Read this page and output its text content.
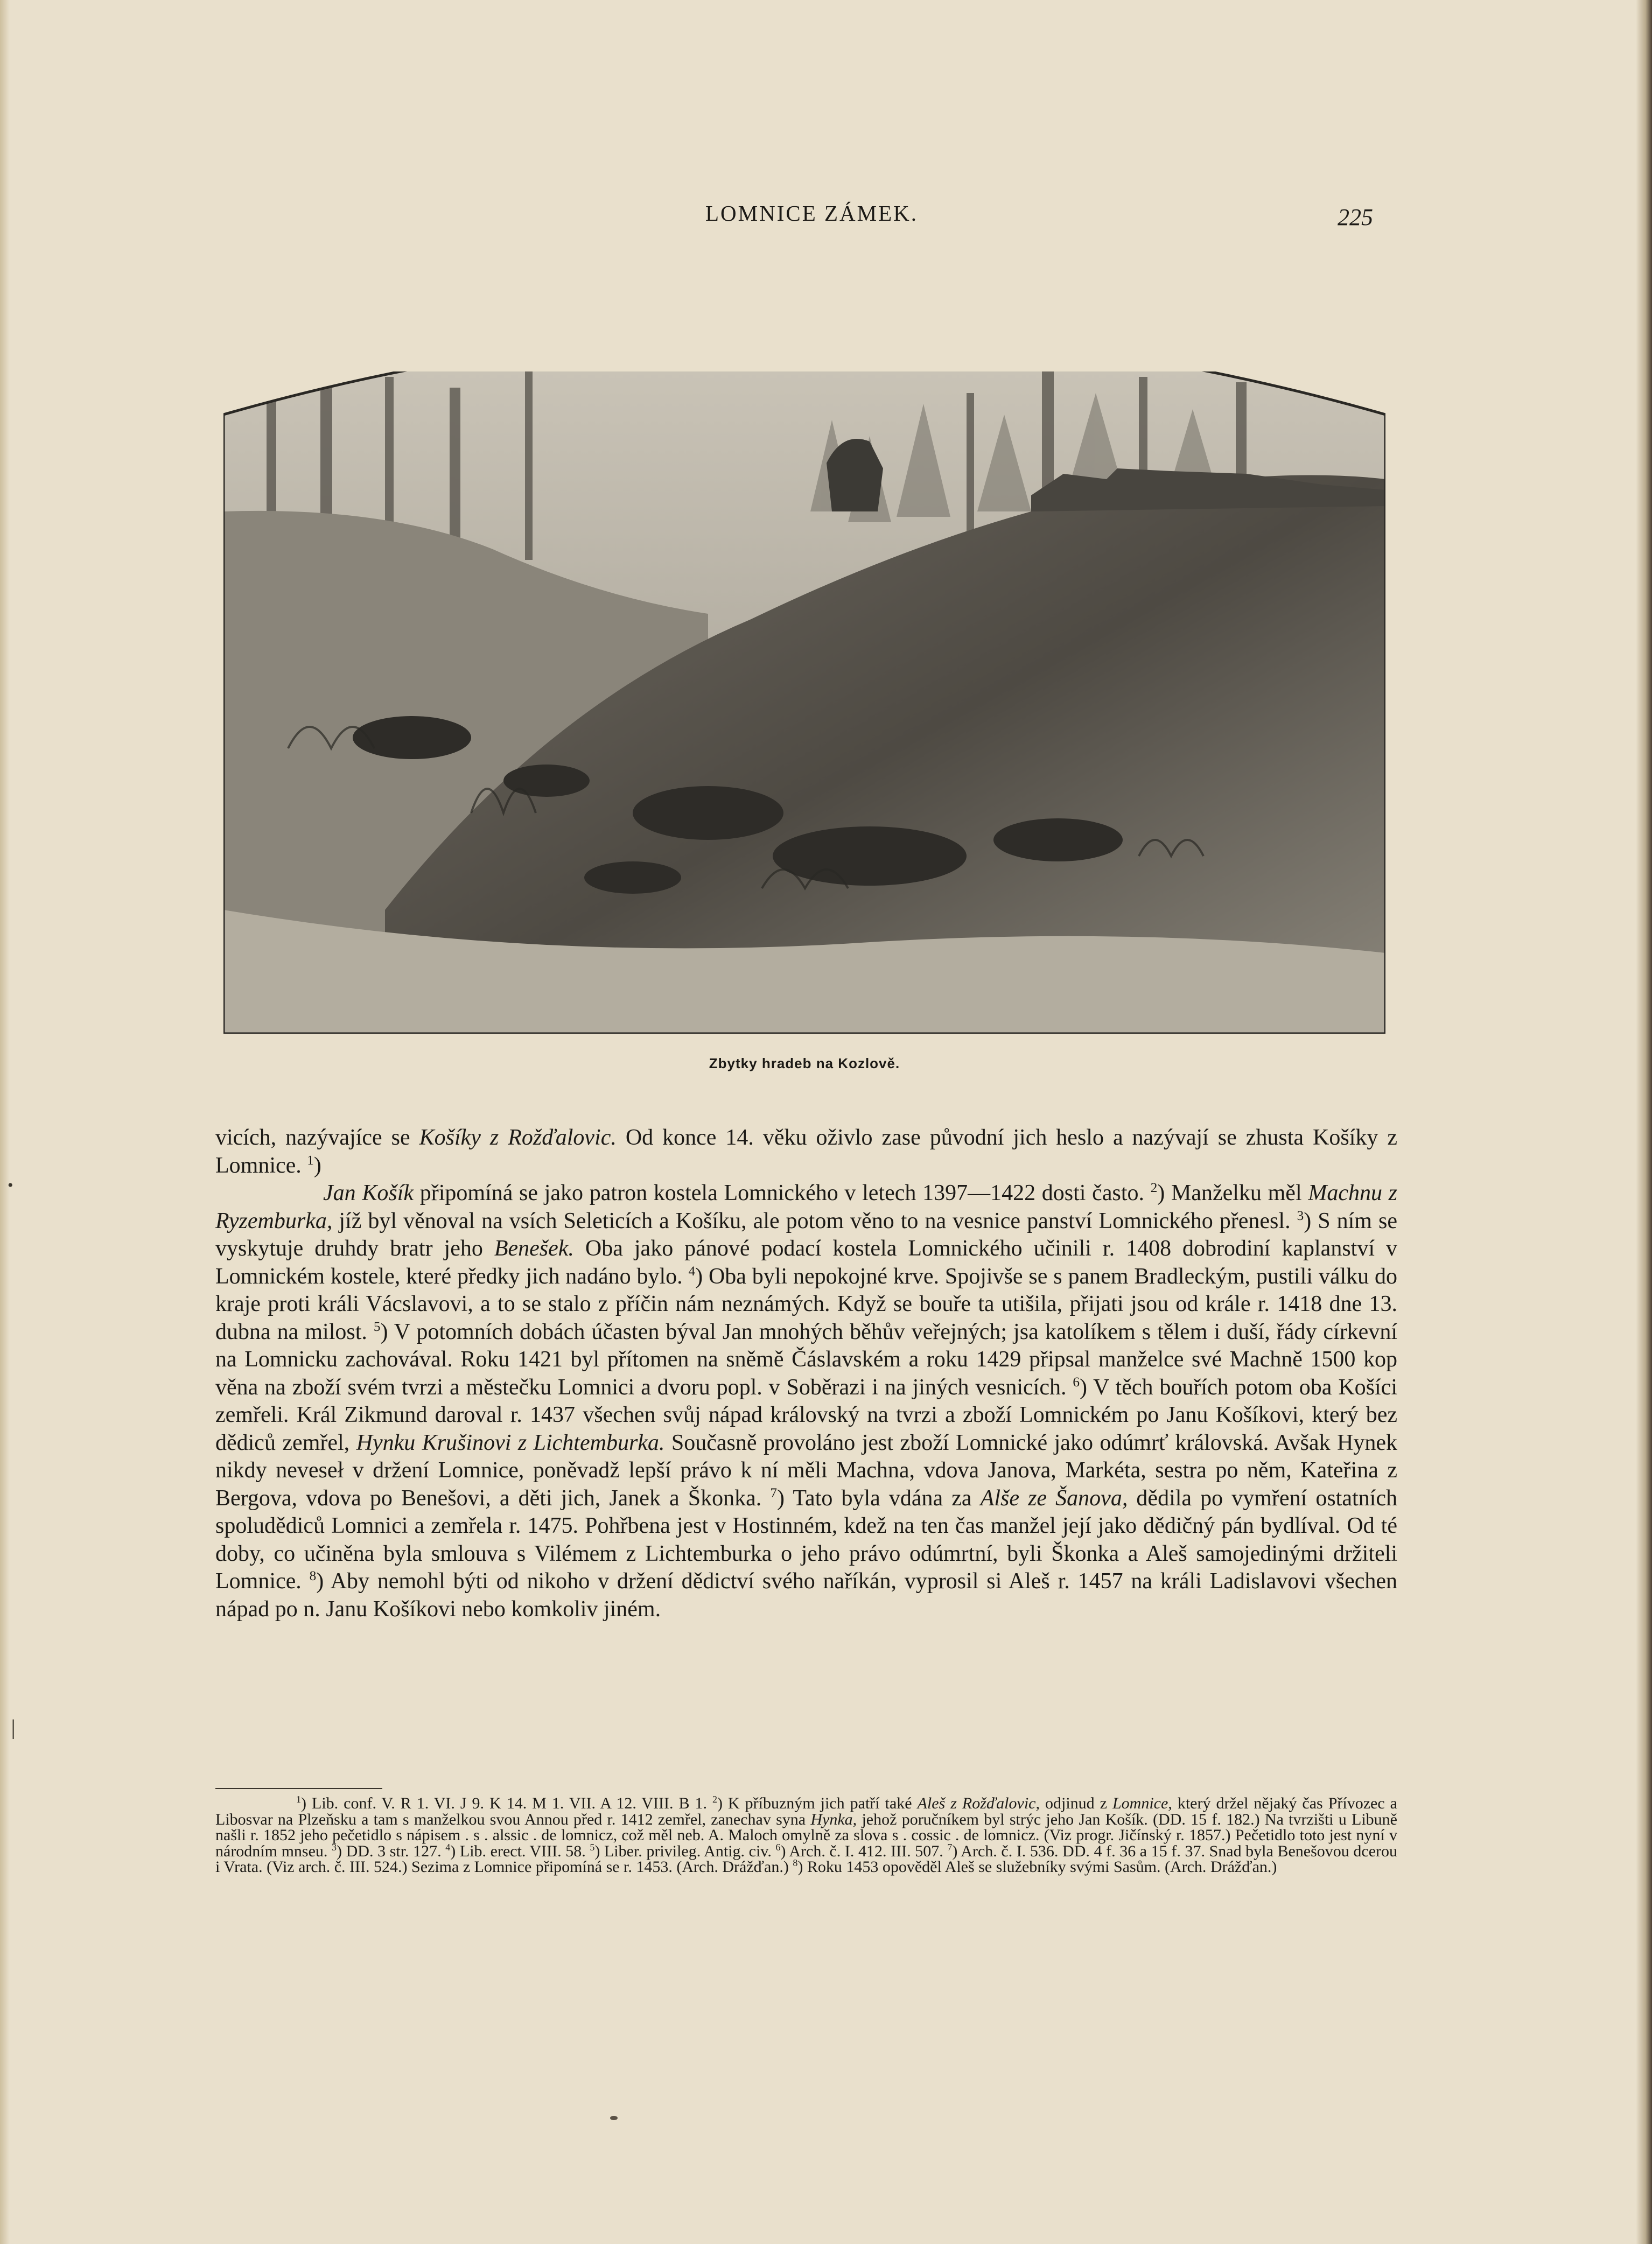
LOMNICE ZÁMEK.	225
Zbytky hradeb na Kozlově.

vicích, nazývajíce se Košíky z Rožďalovic. Od konce 14. věku oživlo zase původní jich heslo a nazývají se zhusta Košíky z Lomnice. $^1$)

Jan Košík připomíná se jako patron kostela Lomnického v letech 1397—1422 dosti často. $^2$) Manželku měl Machnu z Ryzemburka, jíž byl věnoval na vsích Seleticích a Košíku, ale potom věno to na vesnice panství Lomnického přenesl. $^3$) S ním se vyskytuje druhdy bratr jeho Benešek. Oba jako pánové podací kostela Lomnického učinili r. 1408 dobrodiní kaplanství v Lomnickém kostele, které předky jich nadáno bylo. $^4$) Oba byli nepokojné krve. Spojivše se s panem Bradleckým, pustili válku do kraje proti králi Vácslavovi, a to se stalo z příčin nám neznámých. Když se bouře ta utišila, přijati jsou od krále r. 1418 dne 13. dubna na milost. $^5$) V potomních dobách účasten býval Jan mnohých běhův veřejných; jsa katolíkem s tělem i duší, řády církevní na Lomnicku zachovával. Roku 1421 byl přítomen na sněmě Čáslavském a roku 1429 připsal manželce své Machně 1500 kop věna na zboží svém tvrzi a městečku Lomnici a dvoru popl. v Soběrazi i na jiných vesnicích. $^6$) V těch bouřích potom oba Košíci zemřeli. Král Zikmund daroval r. 1437 všechen svůj nápad královský na tvrzi a zboží Lomnickém po Janu Košíkovi, který bez dědiců zemřel, Hynku Krušinovi z Lichtemburka. Současně provoláno jest zboží Lomnické jako odúmrť královská. Avšak Hynek nikdy neveseł v držení Lomnice, poněvadž lepší právo k ní měli Machna, vdova Janova, Markéta, sestra po něm, Kateřina z Bergova, vdova po Benešovi, a děti jich, Janek a Škonka. $^7$) Tato byla vdána za Alše ze Šanova, dědila po vymření ostatních spoludědiců Lomnici a zemřela r. 1475. Pohřbena jest v Hostinném, kdež na ten čas manžel její jako dědičný pán bydlíval. Od té doby, co učiněna byla smlouva s Vilémem z Lichtemburka o jeho právo odúmrtní, byli Škonka a Aleš samojedinými držiteli Lomnice. $^8$) Aby nemohl býti od nikoho v držení dědictví svého naříkán, vyprosil si Aleš r. 1457 na králi Ladislavovi všechen nápad po n. Janu Košíkovi nebo komkoliv jiném.

$^1$) Lib. conf. V. R 1. VI. J 9. K 14. M 1. VII. A 12. VIII. B 1. $^2$) K příbuzným jich patří také Aleš z Rožďalovic, odjinud z Lomnice, který držel nějaký čas Přívozec a Libosvar na Plzeňsku a tam s manželkou svou Annou před r. 1412 zemřel, zanechav syna Hynka, jehož poručníkem byl strýc jeho Jan Košík. (DD. 15 f. 182.) Na tvrzišti u Libuně našli r. 1852 jeho pečetidlo s nápisem . s . alssic . de lomnicz, což měl neb. A. Maloch omylně za slova s . cossic . de lomnicz. (Viz progr. Jičínský r. 1857.) Pečetidlo toto jest nyní v národním mnseu. $^3$) DD. 3 str. 127. $^4$) Lib. erect. VIII. 58. $^5$) Liber. privileg. Antig. civ. $^6$) Arch. č. I. 412. III. 507. $^7$) Arch. č. I. 536. DD. 4 f. 36 a 15 f. 37. Snad byla Benešovou dcerou i Vrata. (Viz arch. č. III. 524.) Sezima z Lomnice připomíná se r. 1453. (Arch. Drážďan.) $^8$) Roku 1453 opověděl Aleš se služebníky svými Sasům. (Arch. Drážďan.)

•
│
